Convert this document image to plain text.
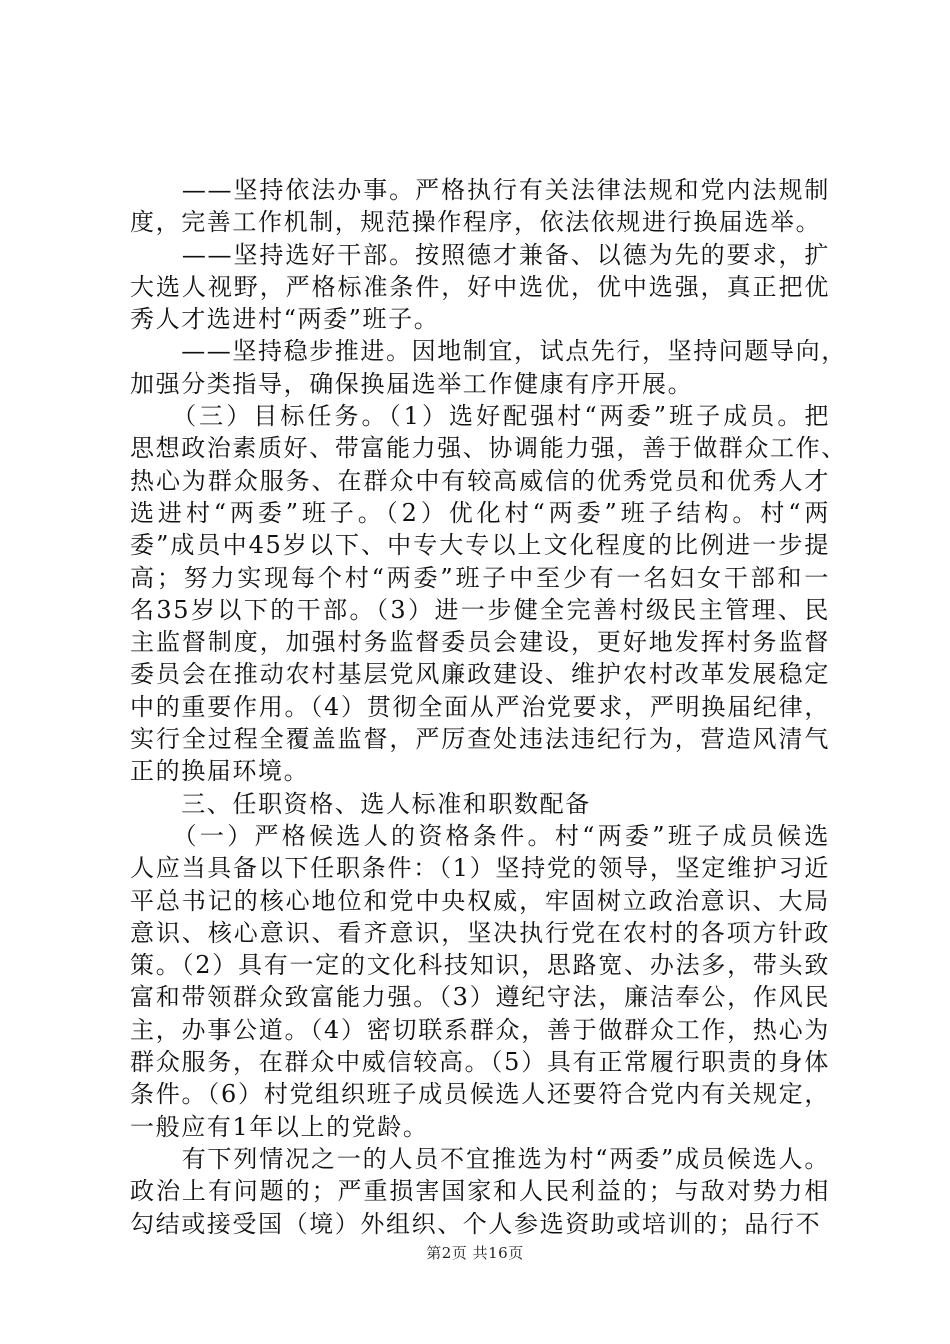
　　——坚持依法办事。严格执行有关法律法规和党内法规制
度，完善工作机制，规范操作程序，依法依规进行换届选举。
　　——坚持选好干部。按照德才兼备、以德为先的要求，扩
大选人视野，严格标准条件，好中选优，优中选强，真正把优
秀人才选进村“两委”班子。
　　——坚持稳步推进。因地制宜，试点先行，坚持问题导向，
加强分类指导，确保换届选举工作健康有序开展。
　　（三）目标任务。（1）选好配强村“两委”班子成员。把
思想政治素质好、带富能力强、协调能力强，善于做群众工作、
热心为群众服务、在群众中有较高威信的优秀党员和优秀人才
选进村“两委”班子。（2）优化村“两委”班子结构。村“两
委”成员中45岁以下、中专大专以上文化程度的比例进一步提
高；努力实现每个村“两委”班子中至少有一名妇女干部和一
名35岁以下的干部。（3）进一步健全完善村级民主管理、民
主监督制度，加强村务监督委员会建设，更好地发挥村务监督
委员会在推动农村基层党风廉政建设、维护农村改革发展稳定
中的重要作用。（4）贯彻全面从严治党要求，严明换届纪律，
实行全过程全覆盖监督，严厉查处违法违纪行为，营造风清气
正的换届环境。
　　三、任职资格、选人标准和职数配备
　　（一）严格候选人的资格条件。村“两委”班子成员候选
人应当具备以下任职条件：（1）坚持党的领导，坚定维护习近
平总书记的核心地位和党中央权威，牢固树立政治意识、大局
意识、核心意识、看齐意识，坚决执行党在农村的各项方针政
策。（2）具有一定的文化科技知识，思路宽、办法多，带头致
富和带领群众致富能力强。（3）遵纪守法，廉洁奉公，作风民
主，办事公道。（4）密切联系群众，善于做群众工作，热心为
群众服务，在群众中威信较高。（5）具有正常履行职责的身体
条件。（6）村党组织班子成员候选人还要符合党内有关规定，
一般应有1年以上的党龄。
　　有下列情况之一的人员不宜推选为村“两委”成员候选人。
政治上有问题的；严重损害国家和人民利益的；与敌对势力相
勾结或接受国（境）外组织、个人参选资助或培训的；品行不
第2页 共16页
